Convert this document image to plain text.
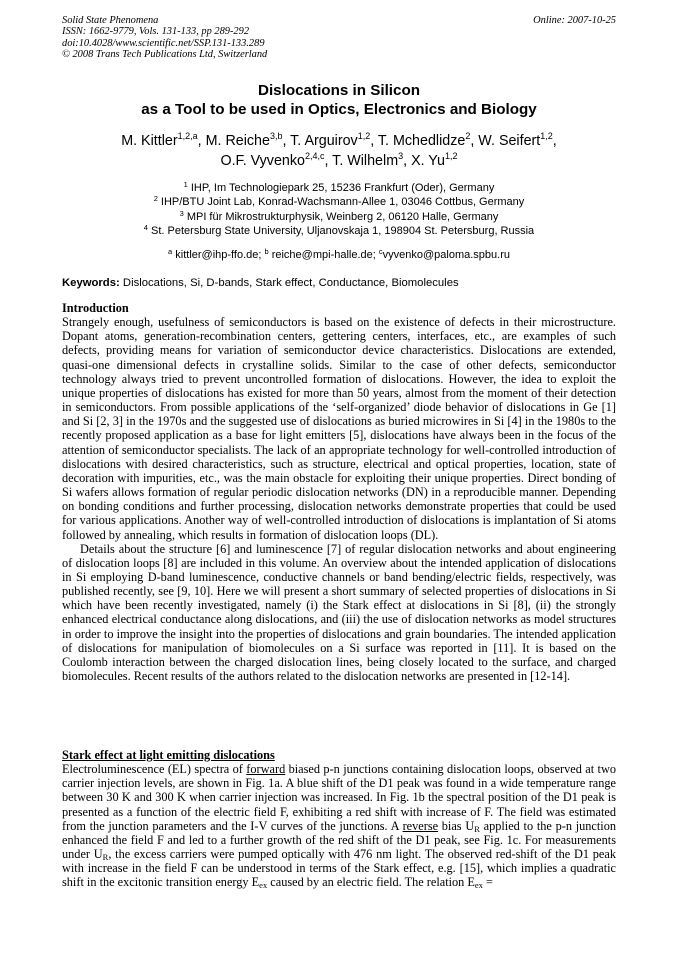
Solid State Phenomena
ISSN: 1662-9779, Vols. 131-133, pp 289-292
doi:10.4028/www.scientific.net/SSP.131-133.289
© 2008 Trans Tech Publications Ltd, Switzerland
Online: 2007-10-25
Dislocations in Silicon
as a Tool to be used in Optics, Electronics and Biology
M. Kittler$^{1,2,a}$, M. Reiche$^{3,b}$, T. Arguirov$^{1,2}$, T. Mchedlidze$^2$, W. Seifert$^{1,2}$,
O.F. Vyvenko$^{2,4,c}$, T. Wilhelm$^3$, X. Yu$^{1,2}$
$^1$ IHP, Im Technologiepark 25, 15236 Frankfurt (Oder), Germany
$^2$ IHP/BTU Joint Lab, Konrad-Wachsmann-Allee 1, 03046 Cottbus, Germany
$^3$ MPI für Mikrostrukturphysik, Weinberg 2, 06120 Halle, Germany
$^4$ St. Petersburg State University, Uljanovskaja 1, 198904 St. Petersburg, Russia
$^a$ kittler@ihp-ffo.de; $^b$ reiche@mpi-halle.de; $^c$vyvenko@paloma.spbu.ru
Keywords: Dislocations, Si, D-bands, Stark effect, Conductance, Biomolecules

Introduction

Strangely enough, usefulness of semiconductors is based on the existence of defects in their microstructure. Dopant atoms, generation-recombination centers, gettering centers, interfaces, etc., are examples of such defects, providing means for variation of semiconductor device characteristics. Dislocations are extended, quasi-one dimensional defects in crystalline solids. Similar to the case of other defects, semiconductor technology always tried to prevent uncontrolled formation of dislocations. However, the idea to exploit the unique properties of dislocations has existed for more than 50 years, almost from the moment of their detection in semiconductors. From possible applications of the ‘self-organized’ diode behavior of dislocations in Ge [1] and Si [2, 3] in the 1970s and the suggested use of dislocations as buried microwires in Si [4] in the 1980s to the recently proposed application as a base for light emitters [5], dislocations have always been in the focus of the attention of semiconductor specialists. The lack of an appropriate technology for well-controlled introduction of dislocations with desired characteristics, such as structure, electrical and optical properties, location, state of decoration with impurities, etc., was the main obstacle for exploiting their unique properties. Direct bonding of Si wafers allows formation of regular periodic dislocation networks (DN) in a reproducible manner. Depending on bonding conditions and further processing, dislocation networks demonstrate properties that could be used for various applications. Another way of well-controlled introduction of dislocations is implantation of Si atoms followed by annealing, which results in formation of dislocation loops (DL).

Details about the structure [6] and luminescence [7] of regular dislocation networks and about engineering of dislocation loops [8] are included in this volume. An overview about the intended application of dislocations in Si employing D-band luminescence, conductive channels or band bending/electric fields, respectively, was published recently, see [9, 10]. Here we will present a short summary of selected properties of dislocations in Si which have been recently investigated, namely (i) the Stark effect at dislocations in Si [8], (ii) the strongly enhanced electrical conductance along dislocations, and (iii) the use of dislocation networks as model structures in order to improve the insight into the properties of dislocations and grain boundaries. The intended application of dislocations for manipulation of biomolecules on a Si surface was reported in [11]. It is based on the Coulomb interaction between the charged dislocation lines, being closely located to the surface, and charged biomolecules. Recent results of the authors related to the dislocation networks are presented in [12-14].

Stark effect at light emitting dislocations

Electroluminescence (EL) spectra of forward biased p-n junctions containing dislocation loops, observed at two carrier injection levels, are shown in Fig. 1a. A blue shift of the D1 peak was found in a wide temperature range between 30 K and 300 K when carrier injection was increased. In Fig. 1b the spectral position of the D1 peak is presented as a function of the electric field F, exhibiting a red shift with increase of F. The field was estimated from the junction parameters and the I-V curves of the junctions. A reverse bias $U_R$ applied to the p-n junction enhanced the field F and led to a further growth of the red shift of the D1 peak, see Fig. 1c. For measurements under $U_R$, the excess carriers were pumped optically with 476 nm light. The observed red-shift of the D1 peak with increase in the field F can be understood in terms of the Stark effect, e.g. [15], which implies a quadratic shift in the excitonic transition energy $E_{ex}$ caused by an electric field. The relation $E_{ex}$ =
